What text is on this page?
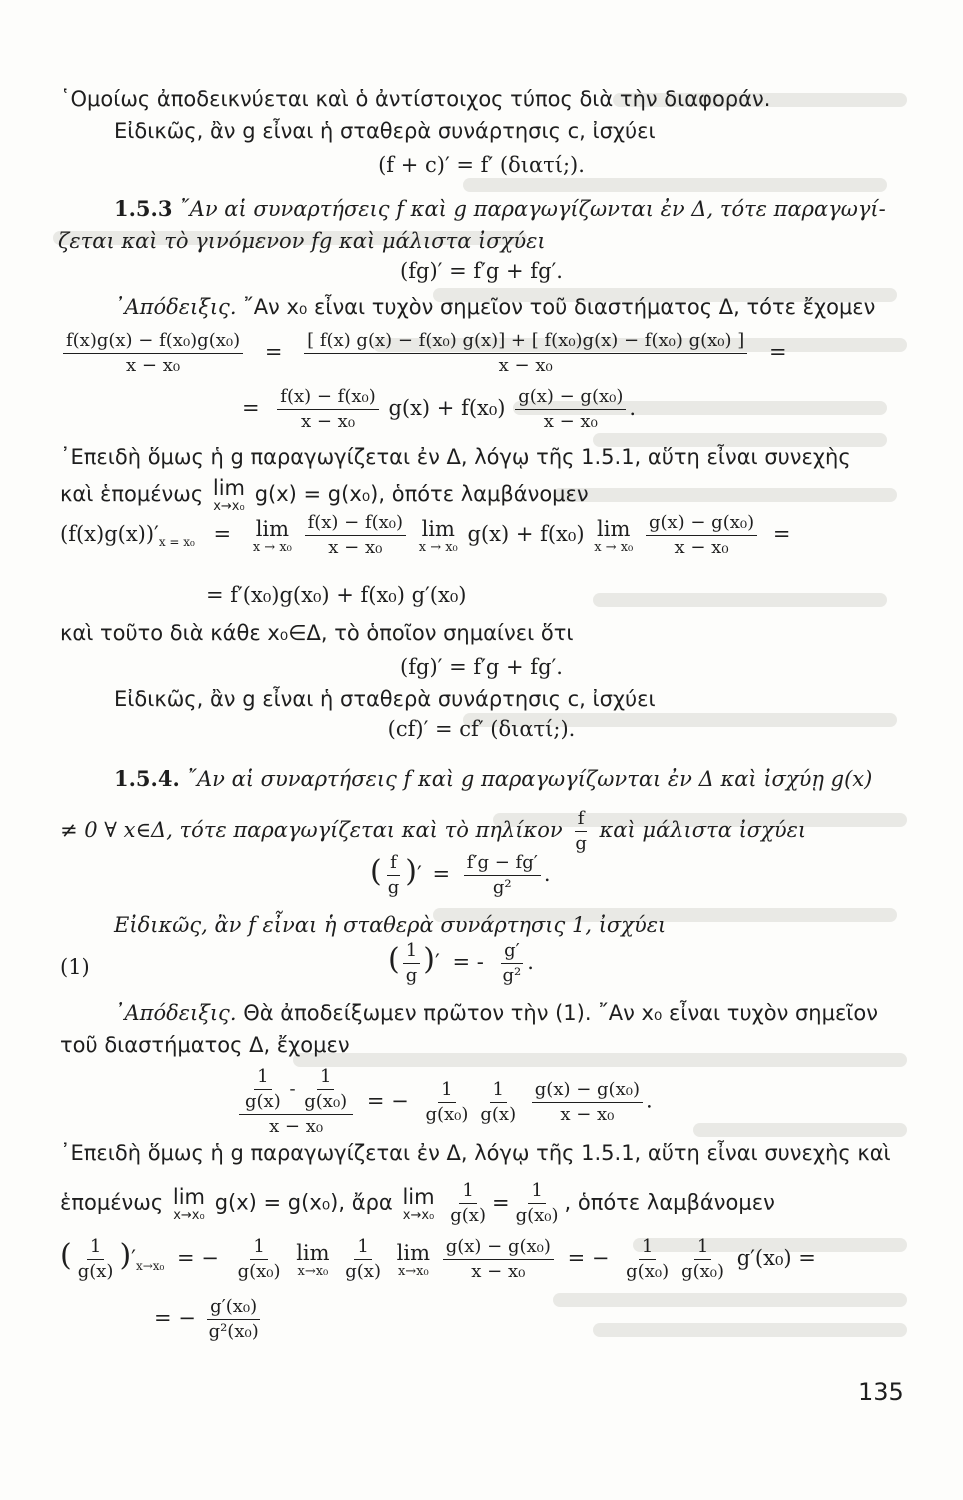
῾Ομοίως ἀποδεικνύεται καὶ ὁ ἀντίστοιχος τύπος διὰ τὴν διαφοράν.
Εἰδικῶς, ἂν g εἶναι ἡ σταθερὰ συνάρτησις c, ἰσχύει
(f + c)′ = f′ (διατί;).
1.5.3 ῎Αν αἱ συναρτήσεις f καὶ g παραγωγίζωνται ἐν Δ, τότε παραγωγί-
ζεται καὶ τὸ γινόμενον fg καὶ μάλιστα ἰσχύει
(fg)′ = f′g + fg′.
᾿Απόδειξις. ῎Αν x₀ εἶναι τυχὸν σημεῖον τοῦ διαστήματος Δ, τότε ἔχομεν
$\frac{\text{f(x)g(x) − f(x₀)g(x₀)}}{\text{x − x₀}} = \frac{\text{[ f(x) g(x) − f(x₀) g(x)] + [ f(x₀)g(x) − f(x₀) g(x₀) ]}}{\text{x − x₀}}$ =
= $\frac{\text{f(x) − f(x₀)}}{\text{x − x₀}} g(x) + f(x_0) \frac{\text{g(x) − g(x₀)}}{\text{x − x₀}}$ .
᾿Επειδὴ ὅμως ἡ g παραγωγίζεται ἐν Δ, λόγῳ τῆς 1.5.1, αὕτη εἶναι συνεχὴς
καὶ ἑπομένως lim
x→x₀
g(x) = g(x₀), ὁπότε λαμβάνομεν
$(f(x)g(x))'_{x = x_0} = \lim$
x → x₀
$\frac{\text{f(x) − f(x₀)}}{\text{x − x₀}}$
lim
x → x₀
g(x) + f(x₀) lim
x → x₀
$\frac{\text{g(x) − g(x₀)}}{\text{x − x₀}}$ =
= f′(x₀)g(x₀) + f(x₀) g′(x₀)
καὶ τοῦτο διὰ κάθε x₀∈Δ, τὸ ὁποῖον σημαίνει ὅτι
(fg)′ = f′g + fg′.
Εἰδικῶς, ἂν g εἶναι ἡ σταθερὰ συνάρτησις c, ἰσχύει
(cf)′ = cf′ (διατί;).
1.5.4. ῎Αν αἱ συναρτήσεις f καὶ g παραγωγίζωνται ἐν Δ καὶ ἰσχύῃ g(x)
≠ 0 ∀ x∈Δ, τότε παραγωγίζεται καὶ τὸ πηλίκον $\frac{f}{g}$ καὶ μάλιστα ἰσχύει
( $\frac{f}{g}$ )′ = $\frac{f'g - fg'}{\text{g²}}$ .
Εἰδικῶς, ἂν f εἶναι ἡ σταθερὰ συνάρτησις 1, ἰσχύει
(1)	( $\frac{1}{g}$ )′ = - $\frac{g'}{\text{g²}}$ .
᾿Απόδειξις. Θὰ ἀποδείξωμεν πρῶτον τὴν (1). ῎Αν x₀ εἶναι τυχὸν σημεῖον
τοῦ διαστήματος Δ, ἔχομεν
$\frac{\frac{1}{g(x)} - \frac{1}{\text{g(x₀)}}}{\text{x − x₀}}$ = − $\frac{1}{\text{g(x₀)}} \frac{1}{g(x)}$
$\frac{\text{g(x) − g(x₀)}}{\text{x − x₀}}$ .
᾿Επειδὴ ὅμως ἡ g παραγωγίζεται ἐν Δ, λόγῳ τῆς 1.5.1, αὕτη εἶναι συνεχὴς καὶ
ἑπομένως lim
x→x₀
g(x) = g(x₀), ἄρα lim
x→x₀
$\frac{1}{g(x)} = \frac{1}{\text{g(x₀)}}$ , ὁπότε λαμβάνομεν
( $\frac{1}{g(x)} )'_{x\to x_0}$ = − $\frac{1}{\text{g(x₀)}}$
lim
x→x₀
$\frac{1}{g(x)}$
lim
x→x₀
$\frac{\text{g(x) − g(x₀)}}{\text{x − x₀}}$ = − $\frac{1}{\text{g(x₀)}} \frac{1}{\text{g(x₀)}} g'(x_0)$ =
= − $\frac{\text{g′(x₀)}}{\text{g²(x₀)}}$
135
